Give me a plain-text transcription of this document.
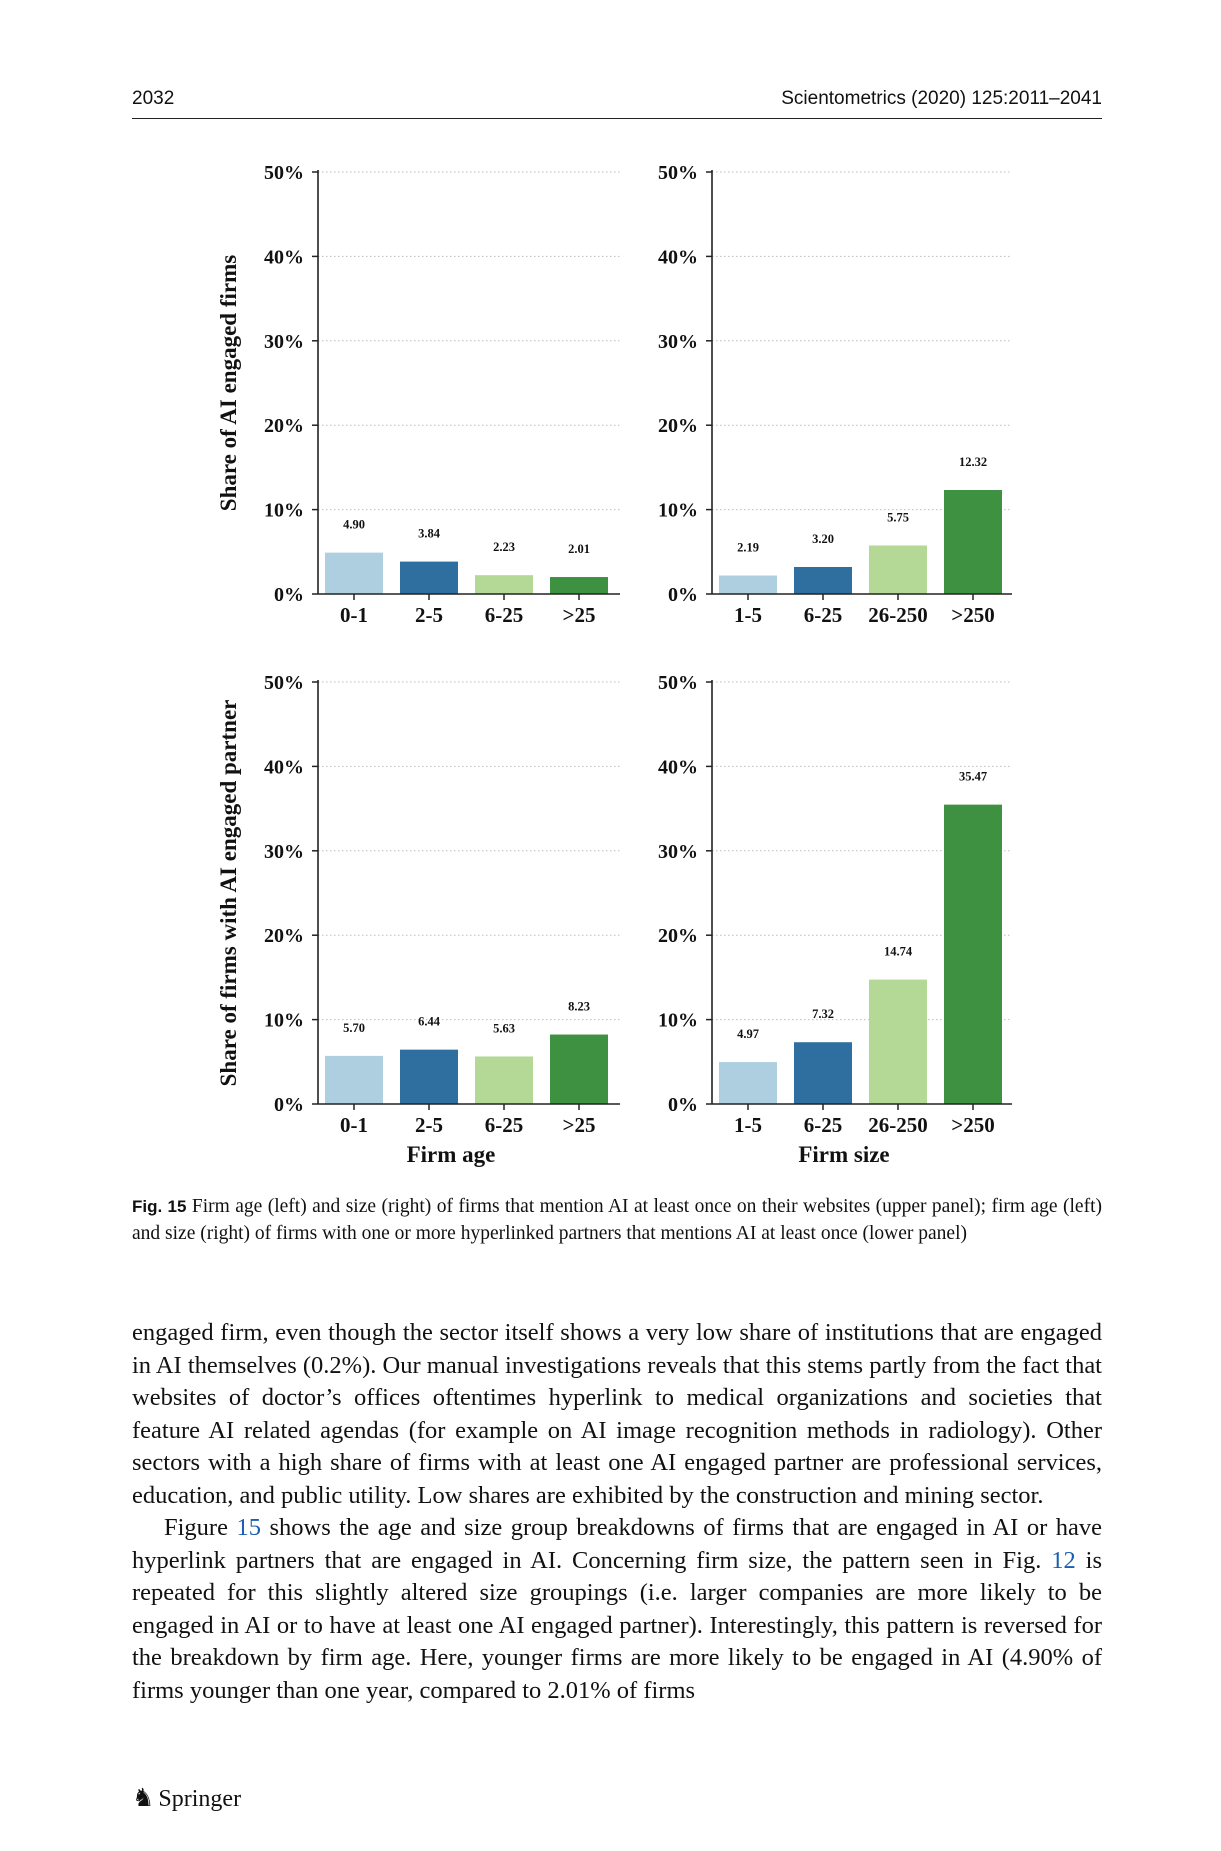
2032	Scientometrics (2020) 125:2011–2041
0%
10%
20%
30%
40%
50%
4.90
0-1
3.84
2-5
2.23
6-25
2.01
>25
Share of AI engaged firms
0%
10%
20%
30%
40%
50%
2.19
1-5
3.20
6-25
5.75
26-250
12.32
>250
0%
10%
20%
30%
40%
50%
5.70
0-1
6.44
2-5
5.63
6-25
8.23
>25
Share of firms with AI engaged partner
Firm age
0%
10%
20%
30%
40%
50%
4.97
1-5
7.32
6-25
14.74
26-250
35.47
>250
Firm size
Fig. 15 Firm age (left) and size (right) of firms that mention AI at least once on their websites (upper panel); firm age (left) and size (right) of firms with one or more hyperlinked partners that mentions AI at least once (lower panel)

engaged firm, even though the sector itself shows a very low share of institutions that are engaged in AI themselves (0.2%). Our manual investigations reveals that this stems partly from the fact that websites of doctor’s offices oftentimes hyperlink to medical organizations and societies that feature AI related agendas (for example on AI image recognition methods in radiology). Other sectors with a high share of firms with at least one AI engaged partner are professional services, education, and public utility. Low shares are exhibited by the construction and mining sector.

Figure 15 shows the age and size group breakdowns of firms that are engaged in AI or have hyperlink partners that are engaged in AI. Concerning firm size, the pattern seen in Fig. 12 is repeated for this slightly altered size groupings (i.e. larger companies are more likely to be engaged in AI or to have at least one AI engaged partner). Interestingly, this pattern is reversed for the breakdown by firm age. Here, younger firms are more likely to be engaged in AI (4.90% of firms younger than one year, compared to 2.01% of firms

♞ Springer
